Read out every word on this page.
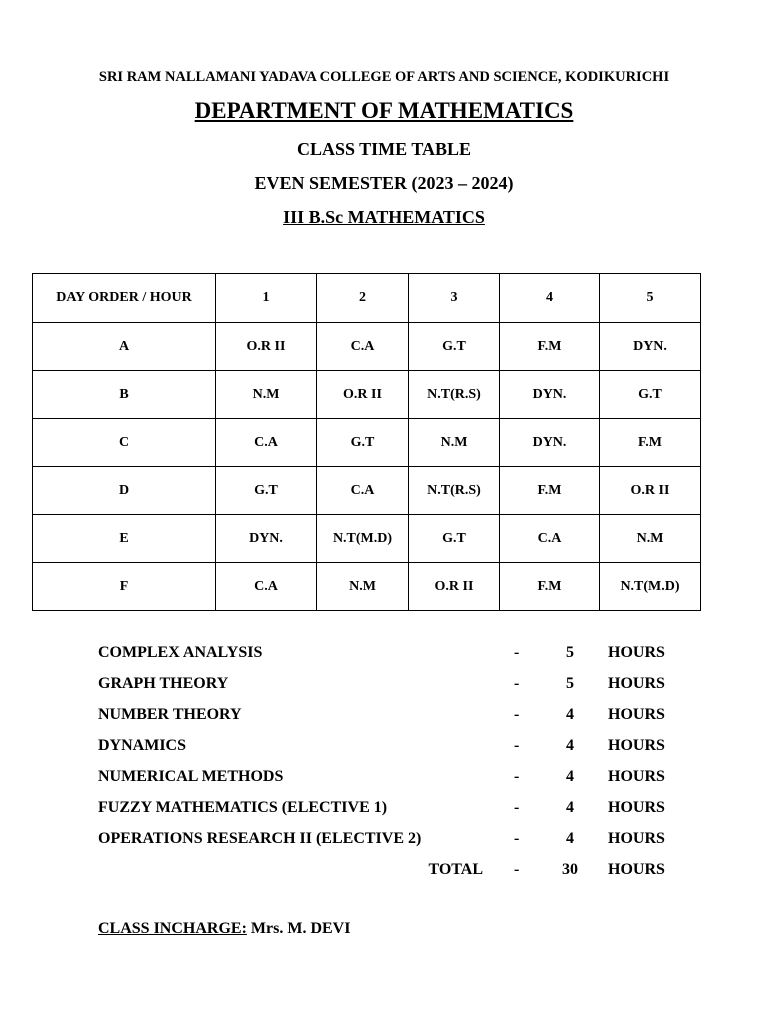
SRI RAM NALLAMANI YADAVA COLLEGE OF ARTS AND SCIENCE, KODIKURICHI
DEPARTMENT OF MATHEMATICS
CLASS TIME TABLE
EVEN SEMESTER (2023 – 2024)
III B.Sc MATHEMATICS
DAY ORDER / HOUR	1	2	3	4	5
A	O.R II	C.A	G.T	F.M	DYN.
B	N.M	O.R II	N.T(R.S)	DYN.	G.T
C	C.A	G.T	N.M	DYN.	F.M
D	G.T	C.A	N.T(R.S)	F.M	O.R II
E	DYN.	N.T(M.D)	G.T	C.A	N.M
F	C.A	N.M	O.R II	F.M	N.T(M.D)
COMPLEX ANALYSIS	-	5	HOURS
GRAPH THEORY	-	5	HOURS
NUMBER THEORY	-	4	HOURS
DYNAMICS	-	4	HOURS
NUMERICAL METHODS	-	4	HOURS
FUZZY MATHEMATICS (ELECTIVE 1)	-	4	HOURS
OPERATIONS RESEARCH II (ELECTIVE 2)	-	4	HOURS
TOTAL -	30 HOURS
CLASS INCHARGE: Mrs. M. DEVI
